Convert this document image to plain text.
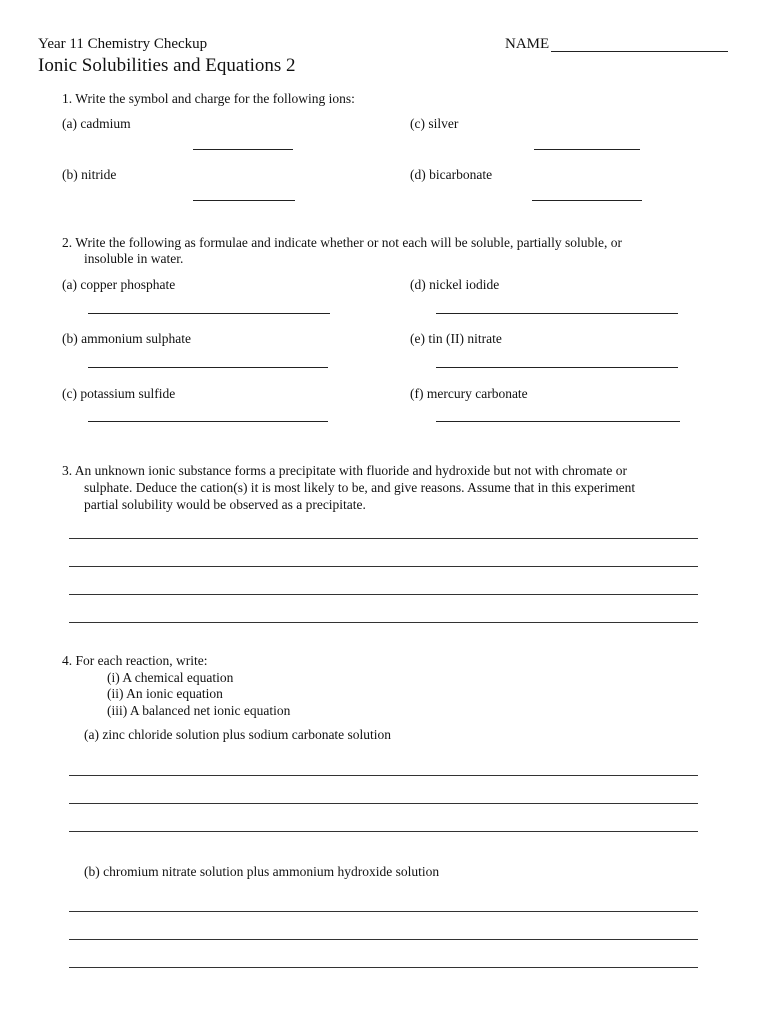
Year 11 Chemistry Checkup	NAME
Ionic Solubilities and Equations 2
1. Write the symbol and charge for the following ions:
(a) cadmium
(b) nitride
(c) silver
(d) bicarbonate
2. Write the following as formulae and indicate whether or not each will be soluble, partially soluble, or
insoluble in water.
(a) copper phosphate
(b) ammonium sulphate
(c) potassium sulfide
(d) nickel iodide
(e) tin (II) nitrate
(f) mercury carbonate
3. An unknown ionic substance forms a precipitate with fluoride and hydroxide but not with chromate or
sulphate. Deduce the cation(s) it is most likely to be, and give reasons. Assume that in this experiment
partial solubility would be observed as a precipitate.
4. For each reaction, write:
(i) A chemical equation
(ii) An ionic equation
(iii) A balanced net ionic equation
(a) zinc chloride solution plus sodium carbonate solution
(b) chromium nitrate solution plus ammonium hydroxide solution
